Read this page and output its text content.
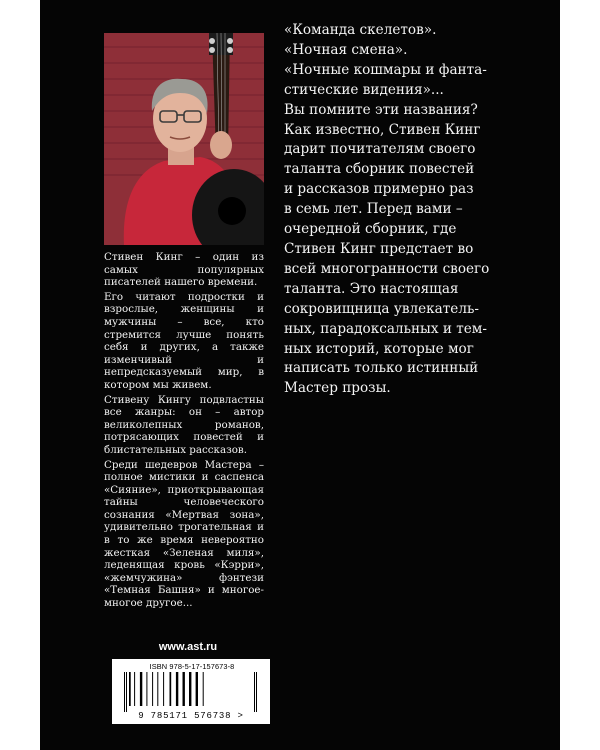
Стивен Кинг – один из самых популярных писателей нашего времени.

Его читают подростки и взрослые, женщины и мужчины – все, кто стремится лучше понять себя и других, а также изменчивый и непредсказуемый мир, в котором мы живем.

Стивену Кингу подвластны все жанры: он – автор великолепных романов, потрясающих повестей и блистательных рассказов.

Среди шедевров Мастера – полное мистики и саспенса «Сияние», приоткрывающая тайны человеческого сознания «Мертвая зона», удивительно трогательная и в то же время невероятно жесткая «Зеленая миля», леденящая кровь «Кэрри», «жемчужина» фэнтези «Темная Башня» и многое-многое другое...

«Команда скелетов».

«Ночная смена».

«Ночные кошмары и фанта-

стические видения»...

Вы помните эти названия?

Как известно, Стивен Кинг

дарит почитателям своего

таланта сборник повестей

и рассказов примерно раз

в семь лет. Перед вами –

очередной сборник, где

Стивен Кинг предстает во

всей многогранности своего

таланта. Это настоящая

сокровищница увлекатель-

ных, парадоксальных и тем-

ных историй, которые мог

написать только истинный

Мастер прозы.

www.ast.ru
ISBN 978-5-17-157673-8
9 785171 576738 >
